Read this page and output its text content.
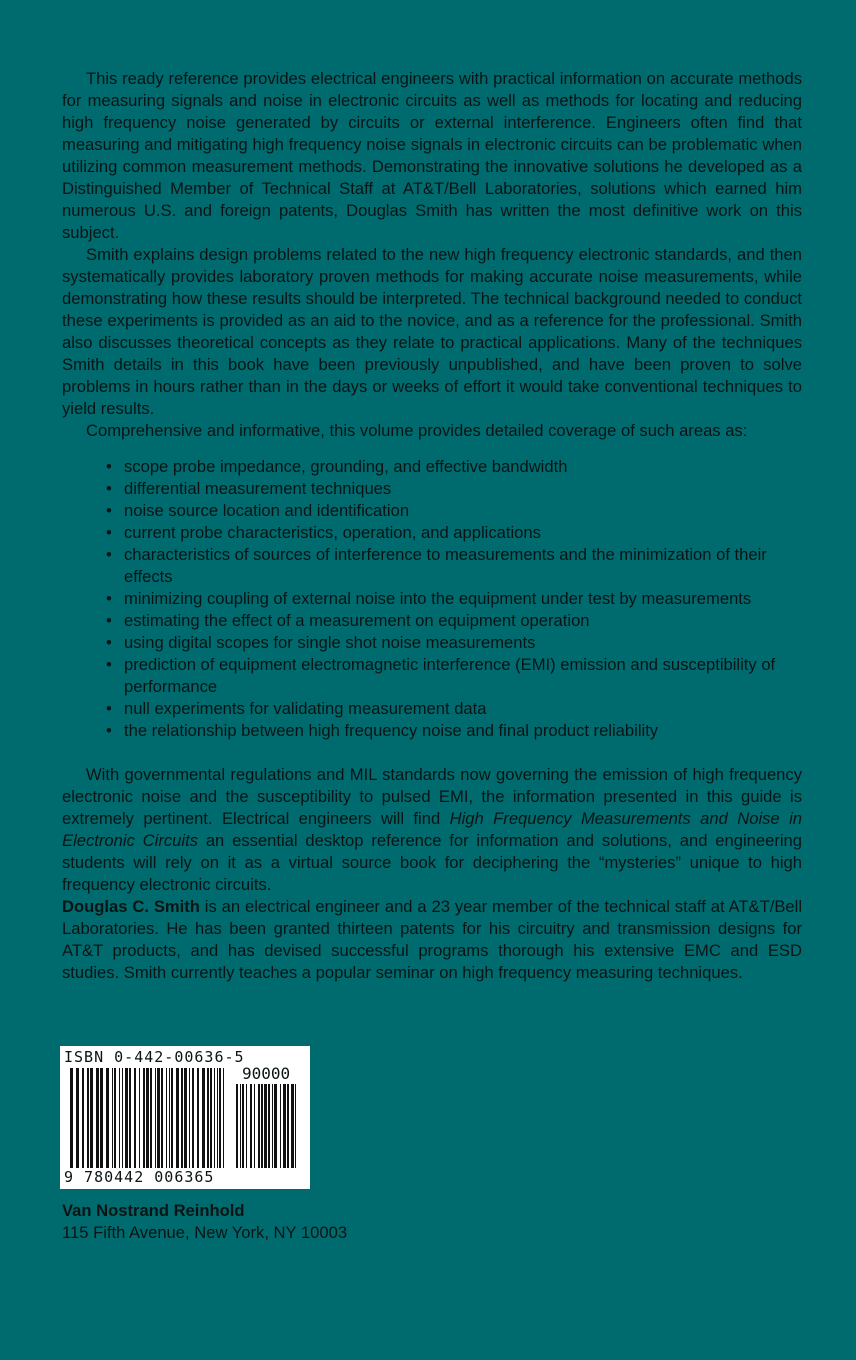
This ready reference provides electrical engineers with practical information on accurate methods for measuring signals and noise in electronic circuits as well as methods for locating and reducing high frequency noise generated by circuits or external interference. Engineers often find that measuring and mitigating high frequency noise signals in electronic circuits can be problematic when utilizing common measurement methods. Demonstrating the innovative solutions he developed as a Distinguished Member of Technical Staff at AT&T/Bell Laboratories, solutions which earned him numerous U.S. and foreign patents, Douglas Smith has written the most definitive work on this subject.

Smith explains design problems related to the new high frequency electronic standards, and then systematically provides laboratory proven methods for making accurate noise measurements, while demonstrating how these results should be interpreted. The technical background needed to conduct these experiments is provided as an aid to the novice, and as a reference for the professional. Smith also discusses theoretical concepts as they relate to practical applications. Many of the techniques Smith details in this book have been previously unpublished, and have been proven to solve problems in hours rather than in the days or weeks of effort it would take conventional techniques to yield results.

Comprehensive and informative, this volume provides detailed coverage of such areas as:

• scope probe impedance, grounding, and effective bandwidth
• differential measurement techniques
• noise source location and identification
• current probe characteristics, operation, and applications
• characteristics of sources of interference to measurements and the minimization of their effects
• minimizing coupling of external noise into the equipment under test by measurements
• estimating the effect of a measurement on equipment operation
• using digital scopes for single shot noise measurements
• prediction of equipment electromagnetic interference (EMI) emission and susceptibility of performance
• null experiments for validating measurement data
• the relationship between high frequency noise and final product reliability

With governmental regulations and MIL standards now governing the emission of high frequency electronic noise and the susceptibility to pulsed EMI, the information presented in this guide is extremely pertinent. Electrical engineers will find High Frequency Measurements and Noise in Electronic Circuits an essential desktop reference for information and solutions, and engineering students will rely on it as a virtual source book for deciphering the “mysteries” unique to high frequency electronic circuits.

Douglas C. Smith is an electrical engineer and a 23 year member of the technical staff at AT&T/Bell Laboratories. He has been granted thirteen patents for his circuitry and transmission designs for AT&T products, and has devised successful programs thorough his extensive EMC and ESD studies. Smith currently teaches a popular seminar on high frequency measuring techniques.

ISBN 0-442-00636-5
90000
9 780442 006365
Van Nostrand Reinhold
115 Fifth Avenue, New York, NY 10003
